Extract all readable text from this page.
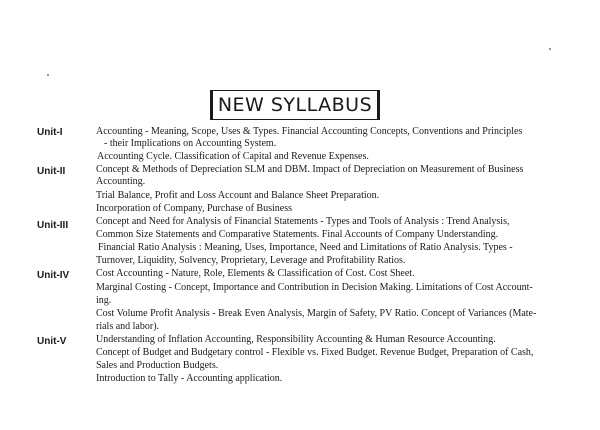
NEW SYLLABUS
Unit-I	Accounting - Meaning, Scope, Uses & Types. Financial Accounting Concepts, Conventions and Principles
- their Implications on Accounting System.
Accounting Cycle. Classification of Capital and Revenue Expenses.
Unit-II	Concept & Methods of Depreciation SLM and DBM. Impact of Depreciation on Measurement of Business
Accounting.
Trial Balance, Profit and Loss Account and Balance Sheet Preparation.
Incorporation of Company, Purchase of Business
Unit-III	Concept and Need for Analysis of Financial Statements - Types and Tools of Analysis : Trend Analysis,
Common Size Statements and Comparative Statements. Final Accounts of Company Understanding.
Financial Ratio Analysis : Meaning, Uses, Importance, Need and Limitations of Ratio Analysis. Types -
Turnover, Liquidity, Solvency, Proprietary, Leverage and Profitability Ratios.
Unit-IV	Cost Accounting - Nature, Role, Elements & Classification of Cost. Cost Sheet.
Marginal Costing - Concept, Importance and Contribution in Decision Making. Limitations of Cost Account-
ing.
Cost Volume Profit Analysis - Break Even Analysis, Margin of Safety, PV Ratio. Concept of Variances (Mate-
rials and labor).
Unit-V	Understanding of Inflation Accounting, Responsibility Accounting & Human Resource Accounting.
Concept of Budget and Budgetary control - Flexible vs. Fixed Budget. Revenue Budget, Preparation of Cash,
Sales and Production Budgets.
Introduction to Tally - Accounting application.
